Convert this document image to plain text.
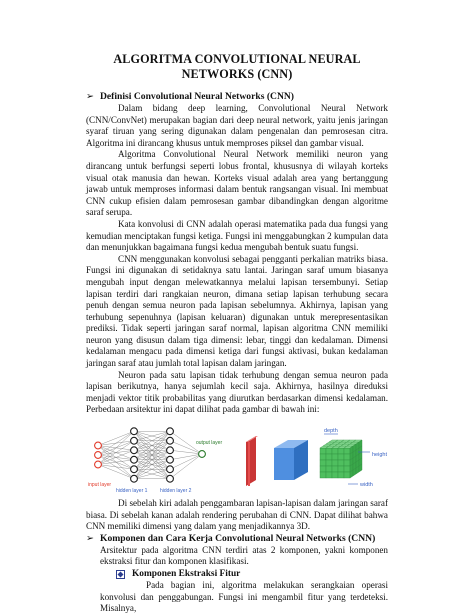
ALGORITMA CONVOLUTIONAL NEURAL NETWORKS (CNN)
➢ Definisi Convolutional Neural Networks (CNN)

Dalam bidang deep learning, Convolutional Neural Network (CNN/ConvNet) merupakan bagian dari deep neural network, yaitu jenis jaringan syaraf tiruan yang sering digunakan dalam pengenalan dan pemrosesan citra. Algoritma ini dirancang khusus untuk memproses piksel dan gambar visual.

Algoritma Convolutional Neural Network memiliki neuron yang dirancang untuk berfungsi seperti lobus frontal, khususnya di wilayah korteks visual otak manusia dan hewan. Korteks visual adalah area yang bertanggung jawab untuk memproses informasi dalam bentuk rangsangan visual. Ini membuat CNN cukup efisien dalam pemrosesan gambar dibandingkan dengan algoritme saraf serupa.

Kata konvolusi di CNN adalah operasi matematika pada dua fungsi yang kemudian menciptakan fungsi ketiga. Fungsi ini menggabungkan 2 kumpulan data dan menunjukkan bagaimana fungsi kedua mengubah bentuk suatu fungsi.

CNN menggunakan konvolusi sebagai pengganti perkalian matriks biasa. Fungsi ini digunakan di setidaknya satu lantai. Jaringan saraf umum biasanya mengubah input dengan melewatkannya melalui lapisan tersembunyi. Setiap lapisan terdiri dari rangkaian neuron, dimana setiap lapisan terhubung secara penuh dengan semua neuron pada lapisan sebelumnya. Akhirnya, lapisan yang terhubung sepenuhnya (lapisan keluaran) digunakan untuk merepresentasikan prediksi. Tidak seperti jaringan saraf normal, lapisan algoritma CNN memiliki neuron yang disusun dalam tiga dimensi: lebar, tinggi dan kedalaman. Dimensi kedalaman mengacu pada dimensi ketiga dari fungsi aktivasi, bukan kedalaman jaringan saraf atau jumlah total lapisan dalam jaringan.

Neuron pada satu lapisan tidak terhubung dengan semua neuron pada lapisan berikutnya, hanya sejumlah kecil saja. Akhirnya, hasilnya direduksi menjadi vektor titik probabilitas yang diurutkan berdasarkan dimensi kedalaman. Perbedaan arsitektur ini dapat dilihat pada gambar di bawah ini:

input layer
hidden layer 1	hidden layer 2
output layer
depth
height
width

Di sebelah kiri adalah penggambaran lapisan-lapisan dalam jaringan saraf biasa. Di sebelah kanan adalah rendering perubahan di CNN. Dapat dilihat bahwa CNN memiliki dimensi yang dalam yang menjadikannya 3D.

➢ Komponen dan Cara Kerja Convolutional Neural Networks (CNN)

Arsitektur pada algoritma CNN terdiri atas 2 komponen, yakni komponen ekstraksi fitur dan komponen klasifikasi.

Komponen Ekstraksi Fitur

Pada bagian ini, algoritma melakukan serangkaian operasi konvolusi dan penggabungan. Fungsi ini mengambil fitur yang terdeteksi. Misalnya,
